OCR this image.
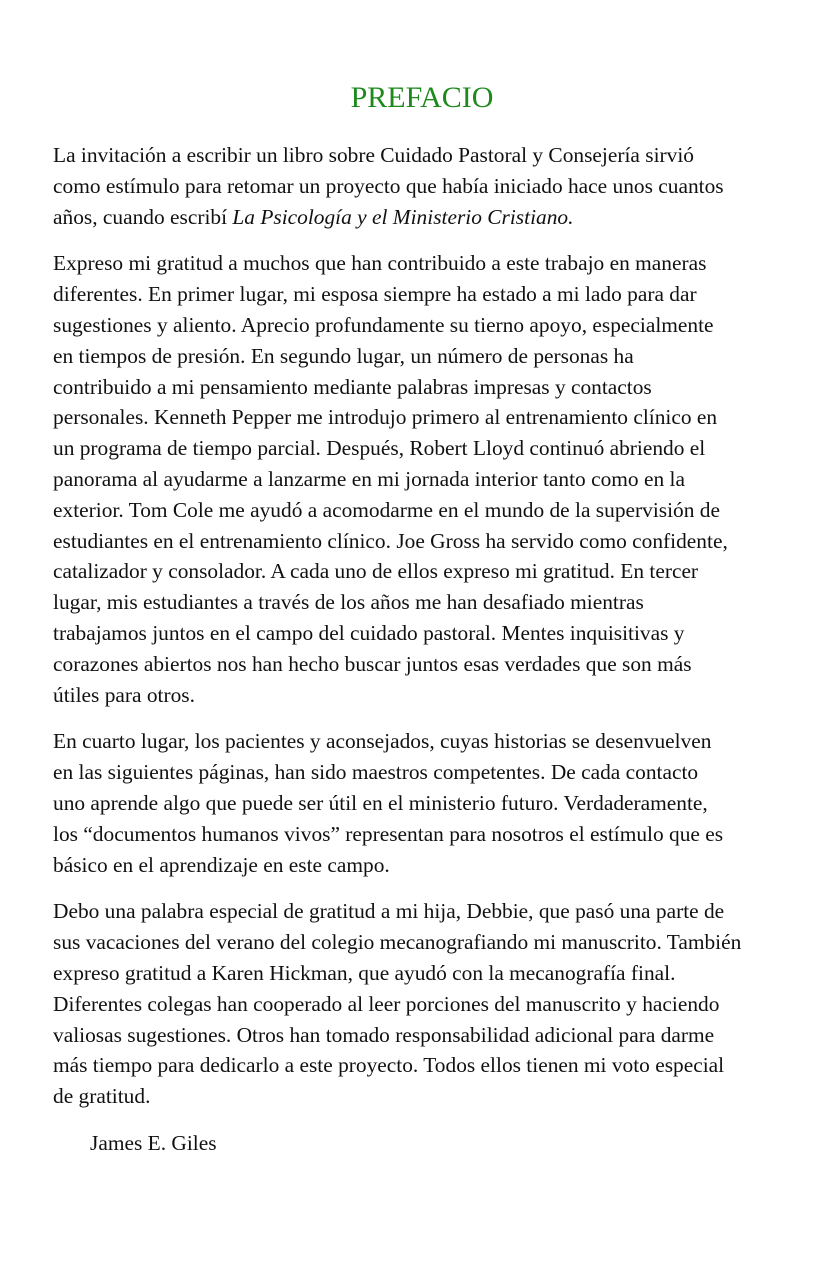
PREFACIO
La invitación a escribir un libro sobre Cuidado Pastoral y Consejería sirvió
como estímulo para retomar un proyecto que había iniciado hace unos cuantos
años, cuando escribí La Psicología y el Ministerio Cristiano.
Expreso mi gratitud a muchos que han contribuido a este trabajo en maneras
diferentes. En primer lugar, mi esposa siempre ha estado a mi lado para dar
sugestiones y aliento. Aprecio profundamente su tierno apoyo, especialmente
en tiempos de presión. En segundo lugar, un número de personas ha
contribuido a mi pensamiento mediante palabras impresas y contactos
personales. Kenneth Pepper me introdujo primero al entrenamiento clínico en
un programa de tiempo parcial. Después, Robert Lloyd continuó abriendo el
panorama al ayudarme a lanzarme en mi jornada interior tanto como en la
exterior. Tom Cole me ayudó a acomodarme en el mundo de la supervisión de
estudiantes en el entrenamiento clínico. Joe Gross ha servido como confidente,
catalizador y consolador. A cada uno de ellos expreso mi gratitud. En tercer
lugar, mis estudiantes a través de los años me han desafiado mientras
trabajamos juntos en el campo del cuidado pastoral. Mentes inquisitivas y
corazones abiertos nos han hecho buscar juntos esas verdades que son más
útiles para otros.
En cuarto lugar, los pacientes y aconsejados, cuyas historias se desenvuelven
en las siguientes páginas, han sido maestros competentes. De cada contacto
uno aprende algo que puede ser útil en el ministerio futuro. Verdaderamente,
los “documentos humanos vivos” representan para nosotros el estímulo que es
básico en el aprendizaje en este campo.
Debo una palabra especial de gratitud a mi hija, Debbie, que pasó una parte de
sus vacaciones del verano del colegio mecanografiando mi manuscrito. También
expreso gratitud a Karen Hickman, que ayudó con la mecanografía final.
Diferentes colegas han cooperado al leer porciones del manuscrito y haciendo
valiosas sugestiones. Otros han tomado responsabilidad adicional para darme
más tiempo para dedicarlo a este proyecto. Todos ellos tienen mi voto especial
de gratitud.

James E. Giles
